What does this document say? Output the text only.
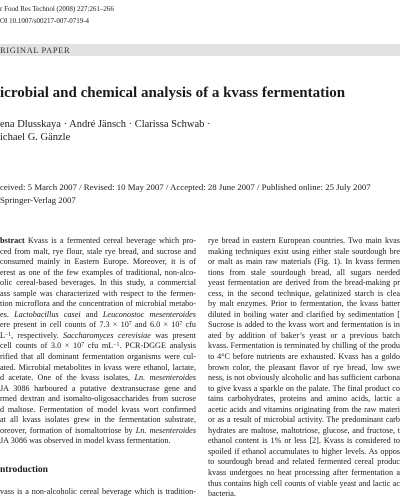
r Food Res Technol (2008) 227:261–266
OI 10.1007/s00217-007-0719-4
RIGINAL PAPER
icrobial and chemical analysis of a kvass fermentation
ena Dlusskaya · André Jänsch · Clarissa Schwab ·
ichael G. Gänzle
ceived: 5 March 2007 / Revised: 10 May 2007 / Accepted: 28 June 2007 / Published online: 25 July 2007
Springer-Verlag 2007
bstract Kvass is a fermented cereal beverage which pro-
ced from malt, rye flour, stale rye bread, and sucrose and
consumed mainly in Eastern Europe. Moreover, it is of
erest as one of the few examples of traditional, non-alco-
olic cereal-based beverages. In this study, a commercial
ass sample was characterized with respect to the fermen-
tion microflora and the concentration of microbial metabo-
es. Lactobacillus casei and Leuconostoc mesenteroides
ere present in cell counts of $7.3 \times 10^7$ and $6.0 \times 10^7$ cfu
$L^{-1}$, respectively. Saccharomyces cerevisiae was present
cell counts of $3.0 \times 10^7$ cfu $mL^{-1}$. PCR-DGGE analysis
rified that all dominant fermentation organisms were cul-
ated. Microbial metabolites in kvass were ethanol, lactate,
d acetate. One of the kvass isolates, Ln. mesenteroides
JA 3086 harboured a putative dextransucrase gene and
rmed dextran and isomalto-oligosaccharides from sucrose
d maltose. Fermentation of model kvass wort confirmed
at all kvass isolates grew in the fermentation substrate,
oreover, formation of isomaltotriose by Ln. mesenteroides
JA 3086 was observed in model kvass fermentation.
ntroduction
vass is a non-alcoholic cereal beverage which is tradition-
rye bread in eastern European countries. Two main kvas
making techniques exist using either stale sourdough bre
or malt as main raw materials (Fig. 1). In kvass fermen
tions from stale sourdough bread, all sugars needed
yeast fermentation are derived from the bread-making pr
cess, in the second technique, gelatinized starch is clea
by malt enzymes. Prior to fermentation, the kvass batter
diluted in boiling water and clarified by sedimentation [
Sucrose is added to the kvass wort and fermentation is in
ated by addition of baker’s yeast or a previous batch
kvass. Fermentation is terminated by chilling of the produ
to 4°C before nutrients are exhausted. Kvass has a goldo
brown color, the pleasant flavor of rye bread, low swe
ness, is not obviously alcoholic and has sufficient carbona
to give kvass a sparkle on the palate. The final product co
tains carbohydrates, proteins and amino acids, lactic a
acetic acids and vitamins originating from the raw materi
or as a result of microbial activity. The predominant carb
hydrates are maltose, maltotriose, glucose, and fructose, t
ethanol content is 1% or less [2]. Kvass is considered to
spoiled if ethanol accumulates to higher levels. As oppos
to sourdough bread and related fermented cereal produc
kvass undergoes no heat processing after fermentation a
thus contains high cell counts of viable yeast and lactic ac
bacteria.
